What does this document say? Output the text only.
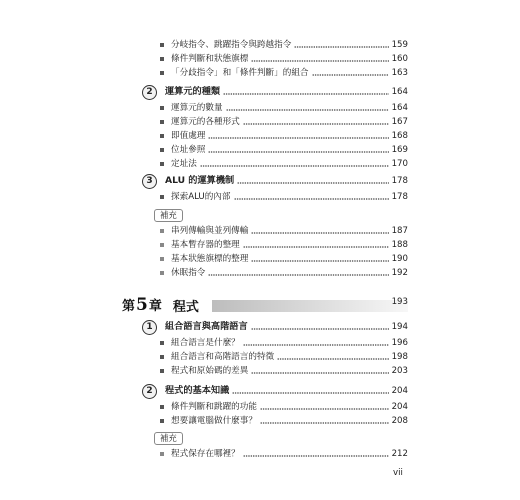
分岐指令、跳躍指令與跨越指令	159
條件判斷和狀態旗標	160
「分歧指令」和「條件判斷」的組合	163
2	運算元的種類	164
運算元的數量	164
運算元的各種形式	167
即值處理	168
位址參照	169
定址法	170
3	ALU 的運算機制	178
探索ALU的內部	178
補充
串列傳輸與並列傳輸	187
基本暫存器的整理	188
基本狀態旗標的整理	190
休眠指令	192
第5章 程式	193
1	組合語言與高階語言	194
組合語言是什麼？	196
組合語言和高階語言的特徵	198
程式和原始碼的差異	203
2	程式的基本知識	204
條件判斷和跳躍的功能	204
想要讓電腦做什麼事？	208
補充
程式保存在哪裡？	212
vii
